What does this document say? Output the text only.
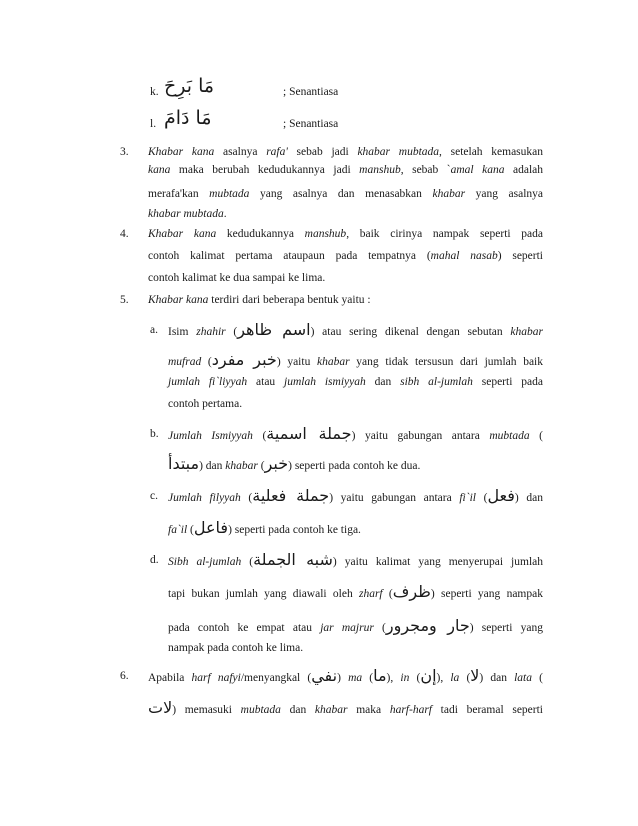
k. مَا بَرِحَ	; Senantiasa
l. مَا دَامَ	; Senantiasa
3. Khabar kana asalnya rafa' sebab jadi khabar mubtada, setelah kemasukan
kana maka berubah kedudukannya jadi manshub, sebab `amal kana adalah
merafa'kan mubtada yang asalnya dan menasabkan khabar yang asalnya
khabar mubtada.
4. Khabar kana kedudukannya manshub, baik cirinya nampak seperti pada
contoh kalimat pertama ataupaun pada tempatnya (mahal nasab) seperti
contoh kalimat ke dua sampai ke lima.
5. Khabar kana terdiri dari beberapa bentuk yaitu :
a. Isim zhahir (اسم ظاهر) atau sering dikenal dengan sebutan khabar
mufrad (خبر مفرد) yaitu khabar yang tidak tersusun dari jumlah baik
jumlah fi`liyyah atau jumlah ismiyyah dan sibh al-jumlah seperti pada
contoh pertama.
b. Jumlah Ismiyyah (جملة اسمية) yaitu gabungan antara mubtada (
مبتدأ) dan khabar (خبر) seperti pada contoh ke dua.
c. Jumlah filyyah (جملة فعلية) yaitu gabungan antara fi`il (فعل) dan
fa`il (فاعل) seperti pada contoh ke tiga.
d. Sibh al-jumlah (شبه الجملة) yaitu kalimat yang menyerupai jumlah
tapi bukan jumlah yang diawali oleh zharf (ظرف) seperti yang nampak
pada contoh ke empat atau jar majrur (جار ومجرور) seperti yang
nampak pada contoh ke lima.
6. Apabila harf nafyi/menyangkal (نفي) ma (ما), in (إن), la (لا) dan lata (
لات) memasuki mubtada dan khabar maka harf-harf tadi beramal seperti
